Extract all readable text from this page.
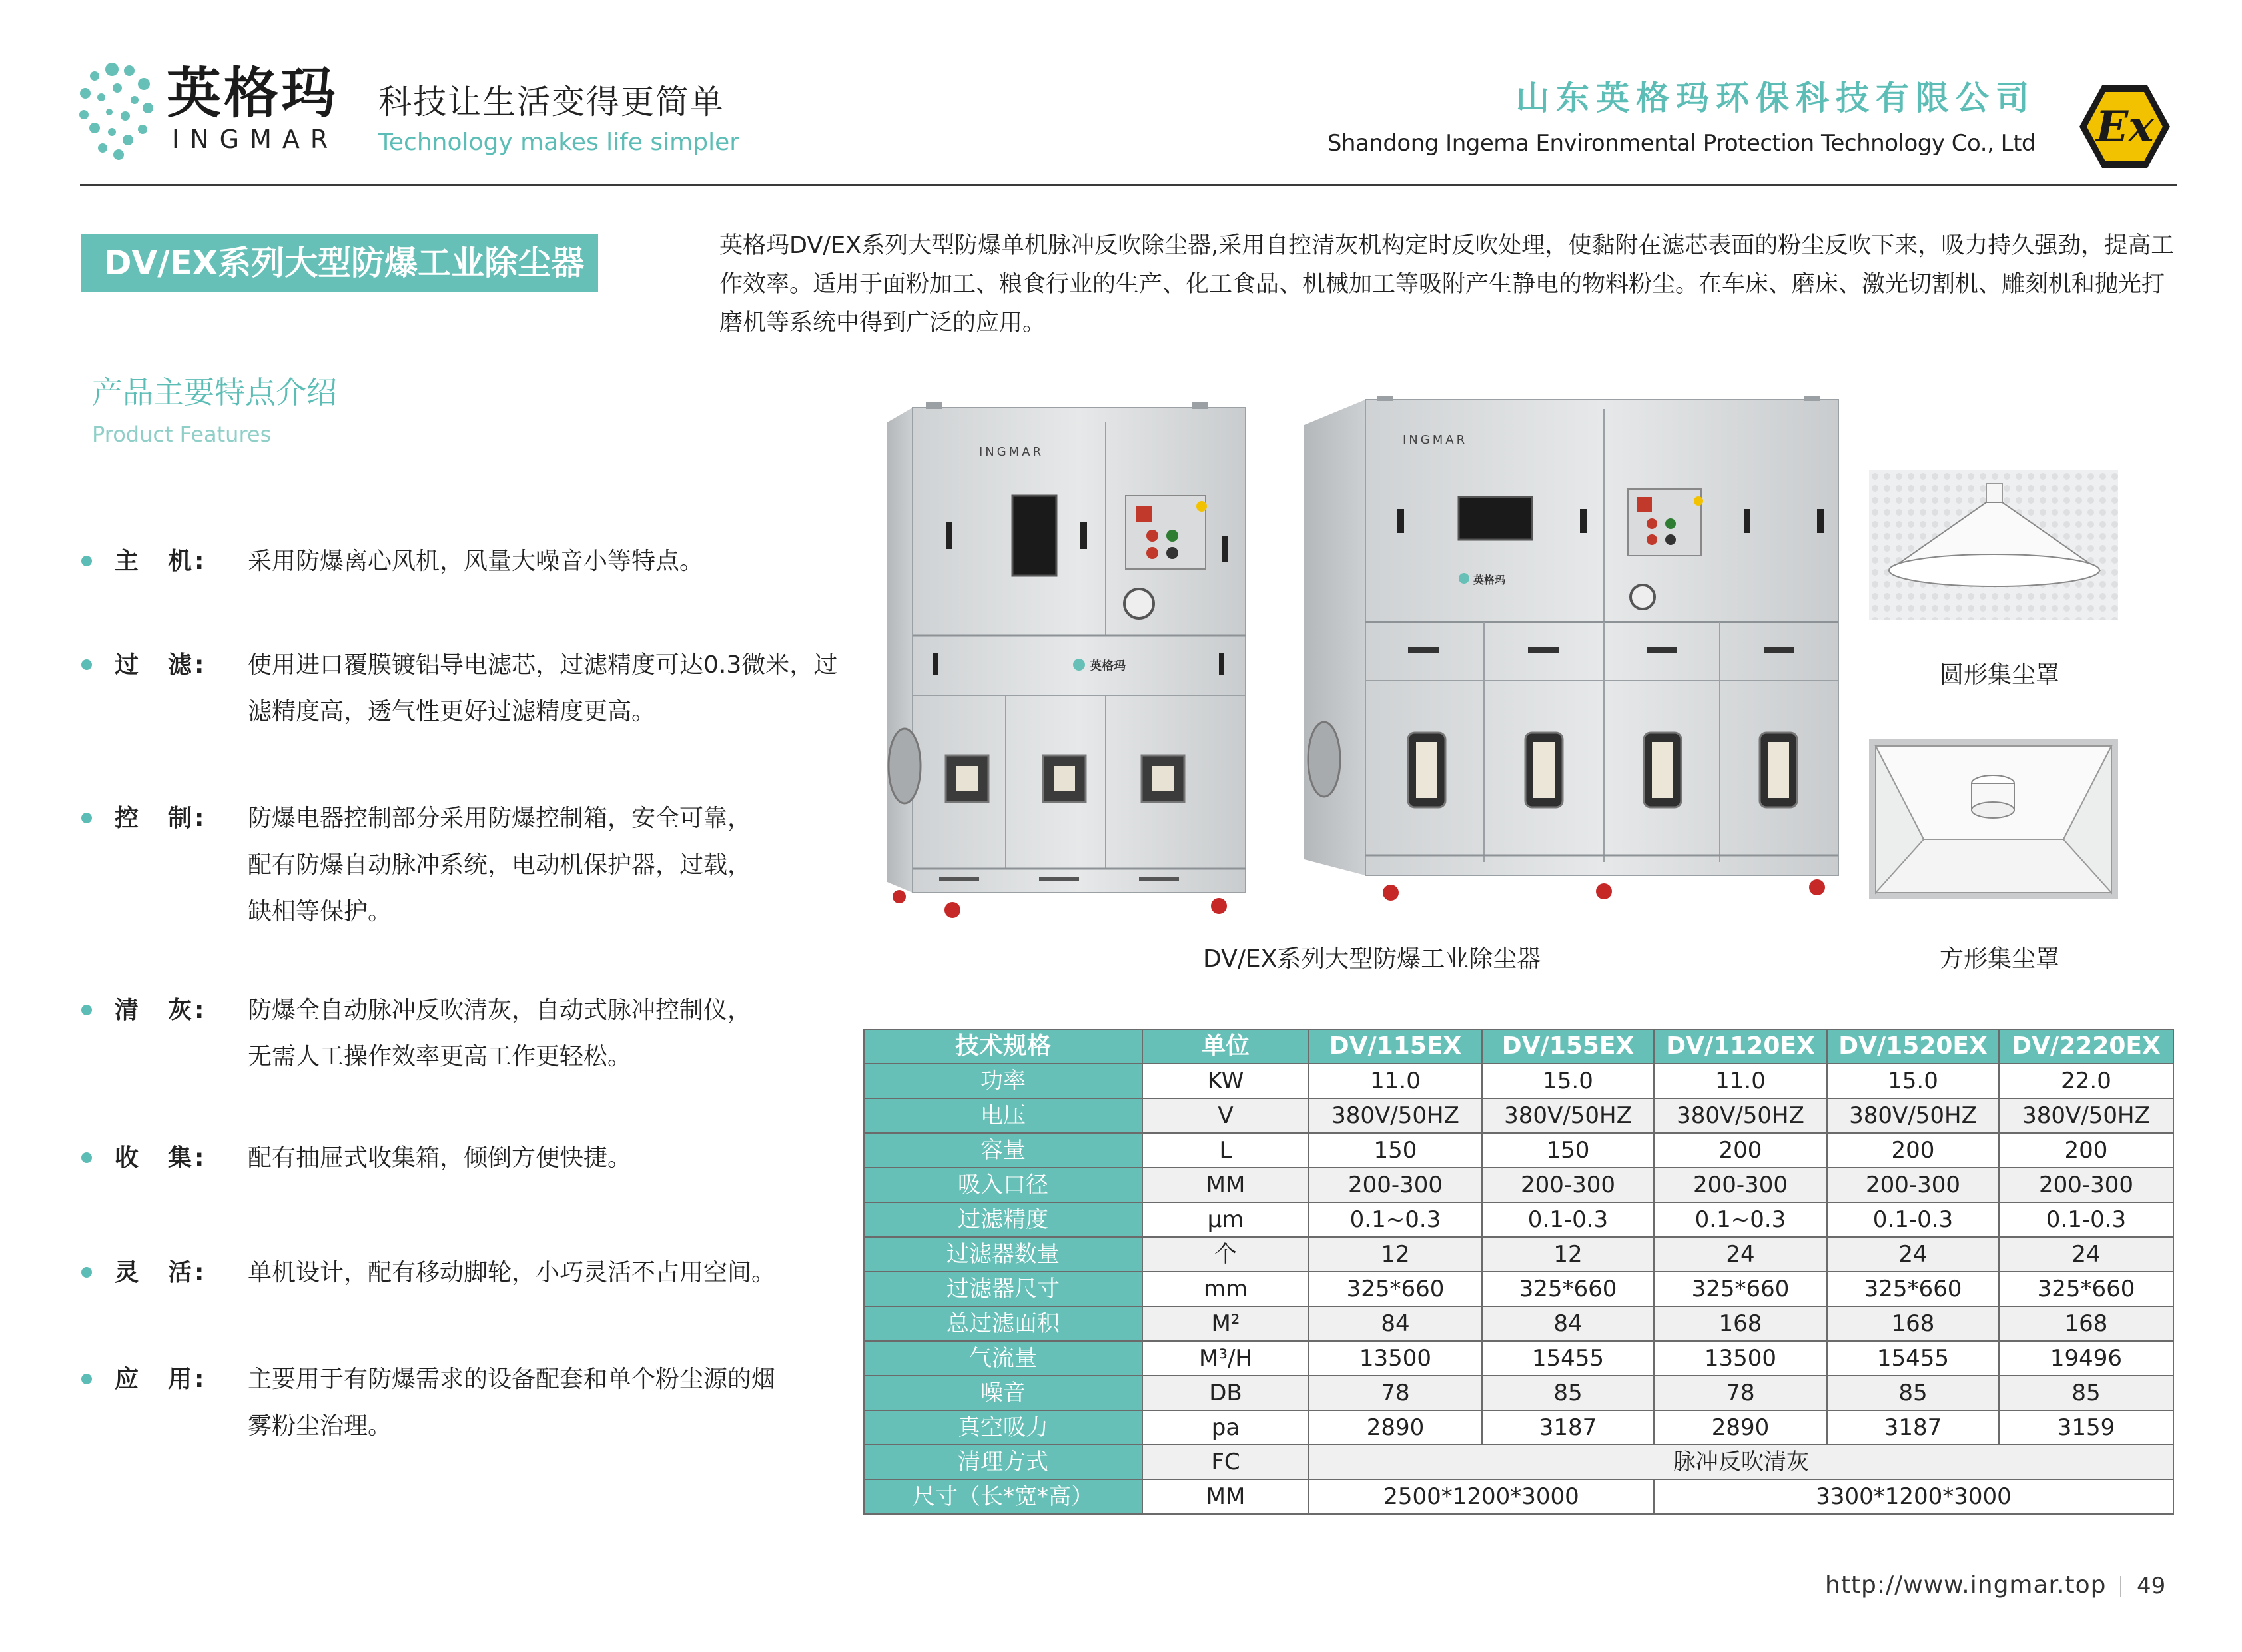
英格玛
INGMAR
科技让生活变得更简单
Technology makes life simpler
山东英格玛环保科技有限公司
Shandong Ingema Environmental Protection Technology Co., Ltd Ex
DV/EX系列大型防爆工业除尘器	英格玛DV/EX系列大型防爆单机脉冲反吹除尘器,采用自控清灰机构定时反吹处理，使黏附在滤芯表面的粉尘反吹下来，吸力持久强劲，提高工作效率。适用于面粉加工、粮食行业的生产、化工食品、机械加工等吸附产生静电的物料粉尘。在车床、磨床、激光切割机、雕刻机和抛光打磨机等系统中得到广泛的应用。
产品主要特点介绍
Product Features
主　机:	采用防爆离心风机，风量大噪音小等特点。
过　滤:	使用进口覆膜镀铝导电滤芯，过滤精度可达0.3微米，过滤精度高，透气性更好过滤精度更高。
控　制:	防爆电器控制部分采用防爆控制箱，安全可靠，配有防爆自动脉冲系统，电动机保护器，过载，缺相等保护。
清　灰:	防爆全自动脉冲反吹清灰，自动式脉冲控制仪，无需人工操作效率更高工作更轻松。
收　集:	配有抽屉式收集箱，倾倒方便快捷。
灵　活:	单机设计，配有移动脚轮，小巧灵活不占用空间。
应　用:	主要用于有防爆需求的设备配套和单个粉尘源的烟雾粉尘治理。
INGMAR
英格玛
INGMAR
英格玛
DV/EX系列大型防爆工业除尘器
圆形集尘罩
方形集尘罩
技术规格	单位	DV/115EX	DV/155EX	DV/1120EX	DV/1520EX	DV/2220EX
功率	KW	11.0	15.0	11.0	15.0	22.0
电压	V	380V/50HZ	380V/50HZ	380V/50HZ	380V/50HZ	380V/50HZ
容量	L	150	150	200	200	200
吸入口径	MM	200-300	200-300	200-300	200-300	200-300
过滤精度	μm	0.1~0.3	0.1-0.3	0.1~0.3	0.1-0.3	0.1-0.3
过滤器数量	个	12	12	24	24	24
过滤器尺寸	mm	325*660	325*660	325*660	325*660	325*660
总过滤面积	M²	84	84	168	168	168
气流量	M³/H	13500	15455	13500	15455	19496
噪音	DB	78	85	78	85	85
真空吸力	pa	2890	3187	2890	3187	3159
清理方式	FC	脉冲反吹清灰				
尺寸（长*宽*高）	MM	2500*1200*3000		3300*1200*3000		
http://www.ingmar.top 49
